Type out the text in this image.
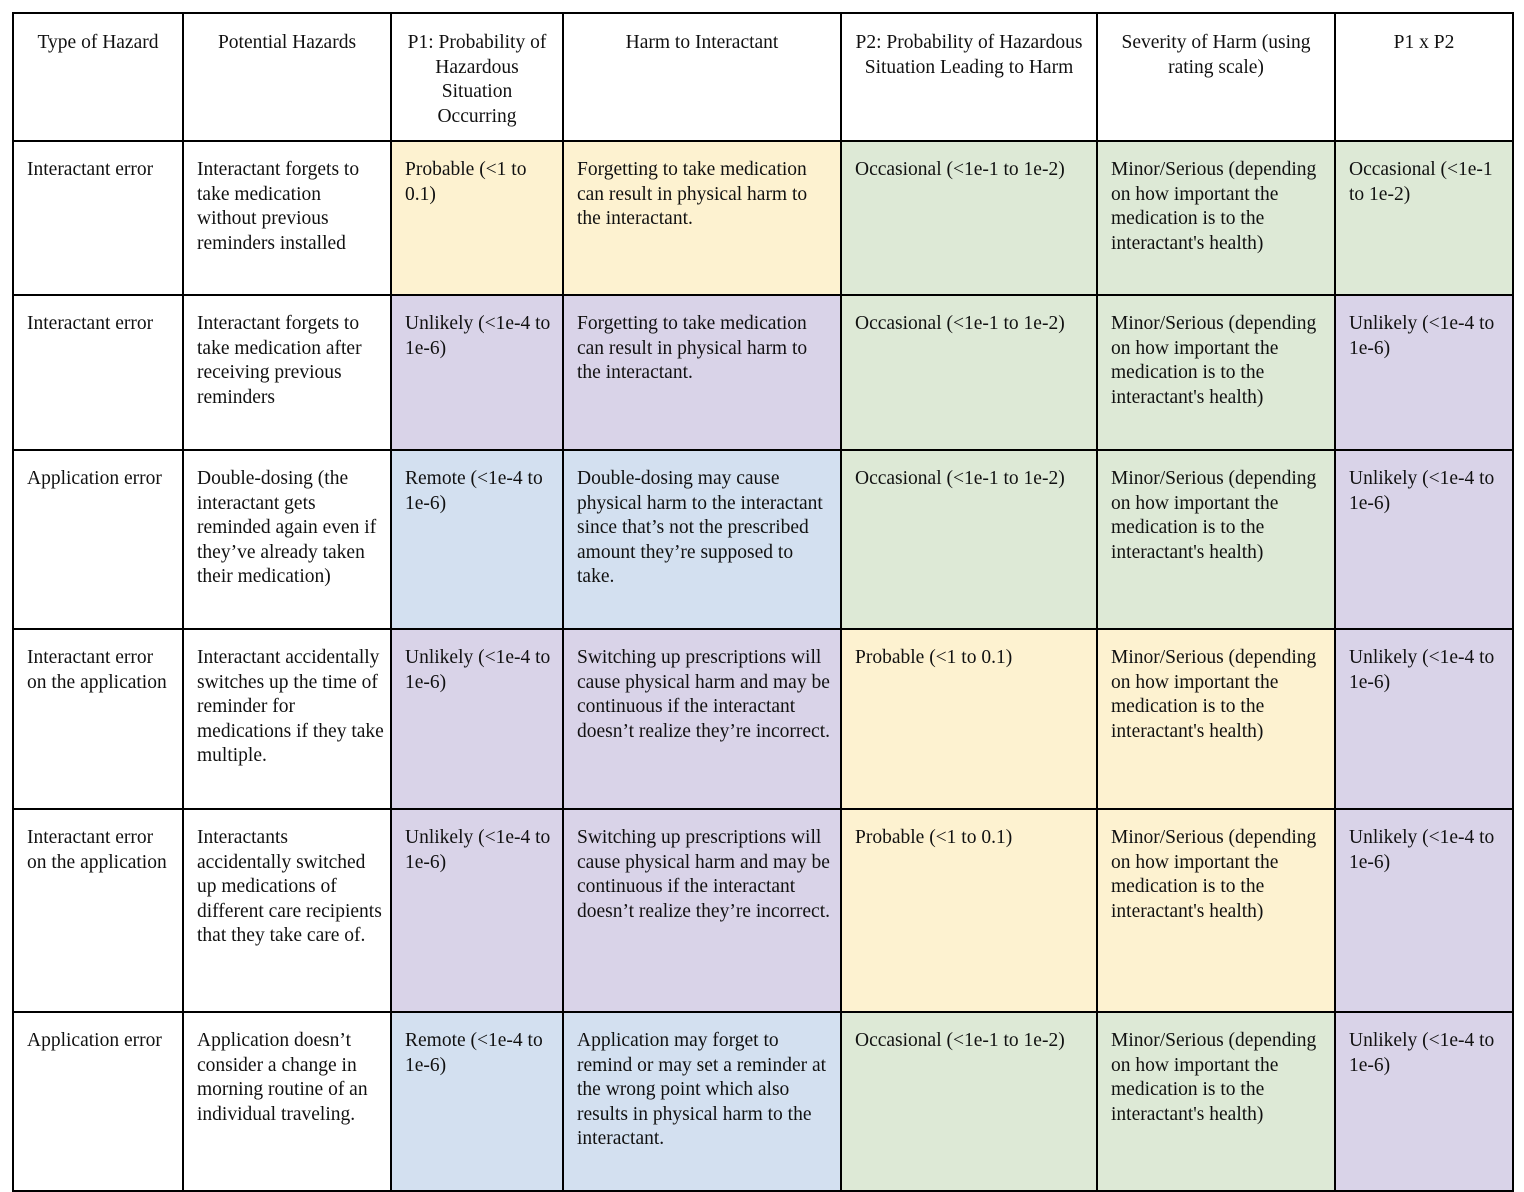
Type of Hazard	Potential Hazards	P1: Probability of Hazardous Situation Occurring	Harm to Interactant	P2: Probability of Hazardous Situation Leading to Harm	Severity of Harm (using rating scale)	P1 x P2
Interactant error	Interactant forgets to take medication without previous reminders installed	Probable (<1 to 0.1)	Forgetting to take medication can result in physical harm to the interactant.	Occasional (<1e-1 to 1e-2)	Minor/Serious (depending on how important the medication is to the interactant's health)	Occasional (<1e-1 to 1e-2)
Interactant error	Interactant forgets to take medication after receiving previous reminders	Unlikely (<1e-4 to 1e-6)	Forgetting to take medication can result in physical harm to the interactant.	Occasional (<1e-1 to 1e-2)	Minor/Serious (depending on how important the medication is to the interactant's health)	Unlikely (<1e-4 to 1e-6)
Application error	Double-dosing (the interactant gets reminded again even if they’ve already taken their medication)	Remote (<1e-4 to 1e-6)	Double-dosing may cause physical harm to the interactant since that’s not the prescribed amount they’re supposed to take.	Occasional (<1e-1 to 1e-2)	Minor/Serious (depending on how important the medication is to the interactant's health)	Unlikely (<1e-4 to 1e-6)
Interactant error on the application	Interactant accidentally switches up the time of reminder for medications if they take multiple.	Unlikely (<1e-4 to 1e-6)	Switching up prescriptions will cause physical harm and may be continuous if the interactant doesn’t realize they’re incorrect.	Probable (<1 to 0.1)	Minor/Serious (depending on how important the medication is to the interactant's health)	Unlikely (<1e-4 to 1e-6)
Interactant error on the application	Interactants accidentally switched up medications of different care recipients that they take care of.	Unlikely (<1e-4 to 1e-6)	Switching up prescriptions will cause physical harm and may be continuous if the interactant doesn’t realize they’re incorrect.	Probable (<1 to 0.1)	Minor/Serious (depending on how important the medication is to the interactant's health)	Unlikely (<1e-4 to 1e-6)
Application error	Application doesn’t consider a change in morning routine of an individual traveling.	Remote (<1e-4 to 1e-6)	Application may forget to remind or may set a reminder at the wrong point which also results in physical harm to the interactant.	Occasional (<1e-1 to 1e-2)	Minor/Serious (depending on how important the medication is to the interactant's health)	Unlikely (<1e-4 to 1e-6)
